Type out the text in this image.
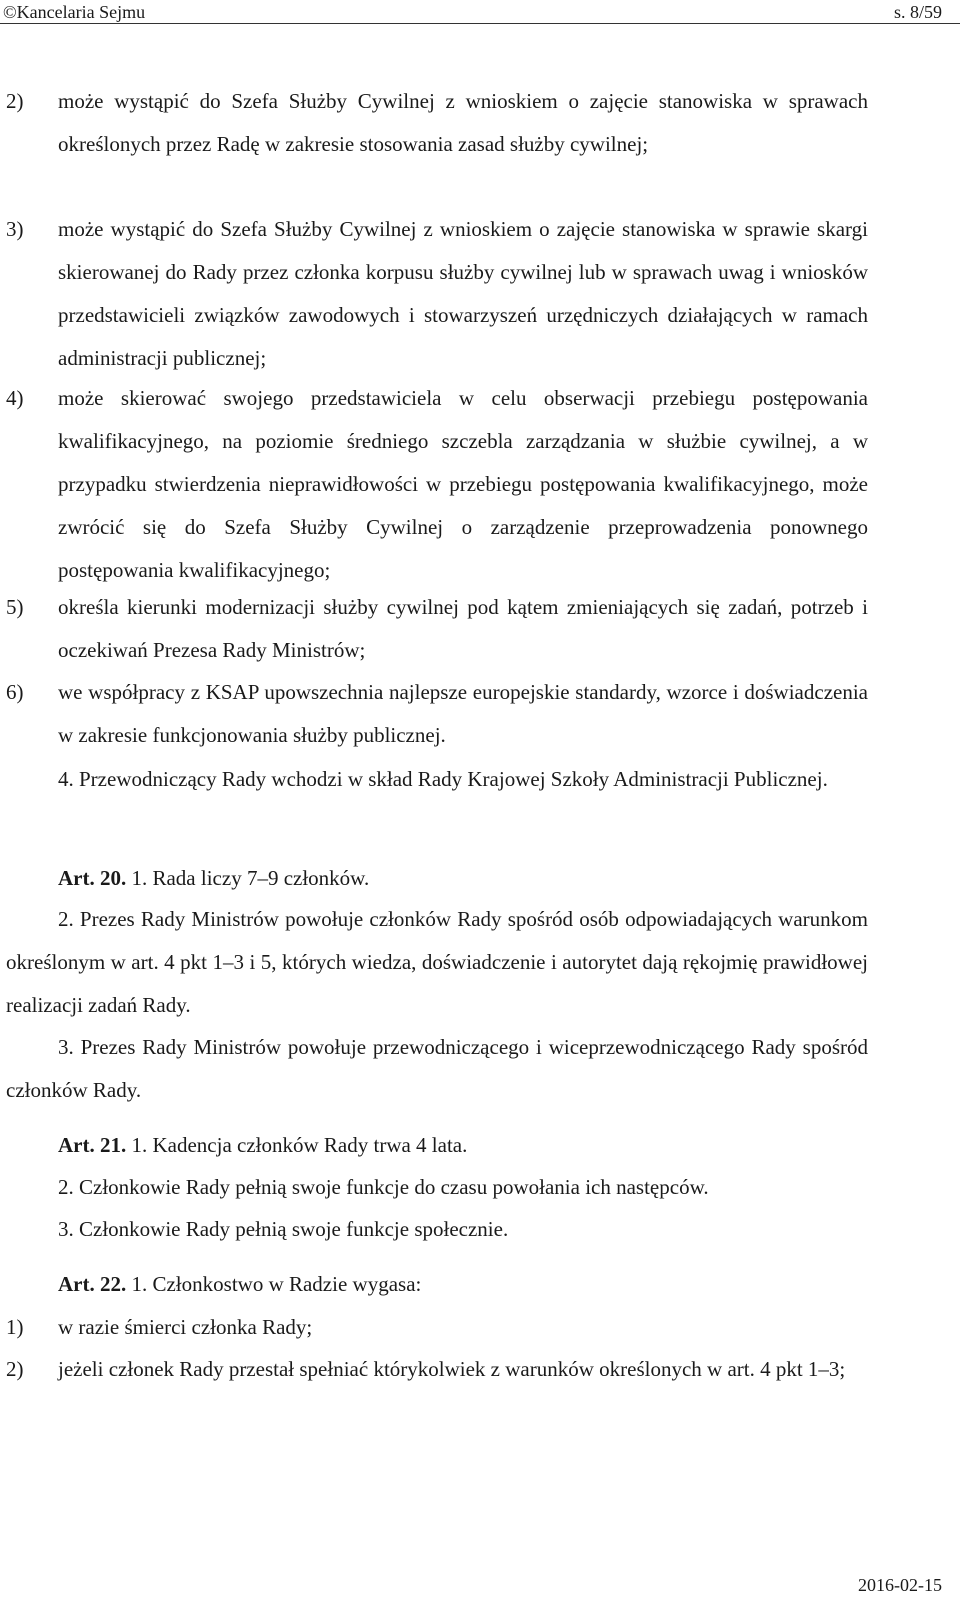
©Kancelaria Sejmu	s. 8/59
2) może wystąpić do Szefa Służby Cywilnej z wnioskiem o zajęcie stanowiska w sprawach określonych przez Radę w zakresie stosowania zasad służby cywilnej;
3) może wystąpić do Szefa Służby Cywilnej z wnioskiem o zajęcie stanowiska w sprawie skargi skierowanej do Rady przez członka korpusu służby cywilnej lub w sprawach uwag i wniosków przedstawicieli związków zawodowych i stowarzyszeń urzędniczych działających w ramach administracji publicznej;
4) może skierować swojego przedstawiciela w celu obserwacji przebiegu postępowania kwalifikacyjnego, na poziomie średniego szczebla zarządzania w służbie cywilnej, a w przypadku stwierdzenia nieprawidłowości w przebiegu postępowania kwalifikacyjnego, może zwrócić się do Szefa Służby Cywilnej o zarządzenie przeprowadzenia ponownego postępowania kwalifikacyjnego;
5) określa kierunki modernizacji służby cywilnej pod kątem zmieniających się zadań, potrzeb i oczekiwań Prezesa Rady Ministrów;
6) we współpracy z KSAP upowszechnia najlepsze europejskie standardy, wzorce i doświadczenia w zakresie funkcjonowania służby publicznej.
4. Przewodniczący Rady wchodzi w skład Rady Krajowej Szkoły Administracji Publicznej.
Art. 20. 1. Rada liczy 7–9 członków.
2. Prezes Rady Ministrów powołuje członków Rady spośród osób odpowiadających warunkom określonym w art. 4 pkt 1–3 i 5, których wiedza, doświadczenie i autorytet dają rękojmię prawidłowej realizacji zadań Rady.
3. Prezes Rady Ministrów powołuje przewodniczącego i wiceprzewodniczącego Rady spośród członków Rady.
Art. 21. 1. Kadencja członków Rady trwa 4 lata.
2. Członkowie Rady pełnią swoje funkcje do czasu powołania ich następców.
3. Członkowie Rady pełnią swoje funkcje społecznie.
Art. 22. 1. Członkostwo w Radzie wygasa:
1) w razie śmierci członka Rady;
2) jeżeli członek Rady przestał spełniać którykolwiek z warunków określonych w art. 4 pkt 1–3;
2016-02-15
